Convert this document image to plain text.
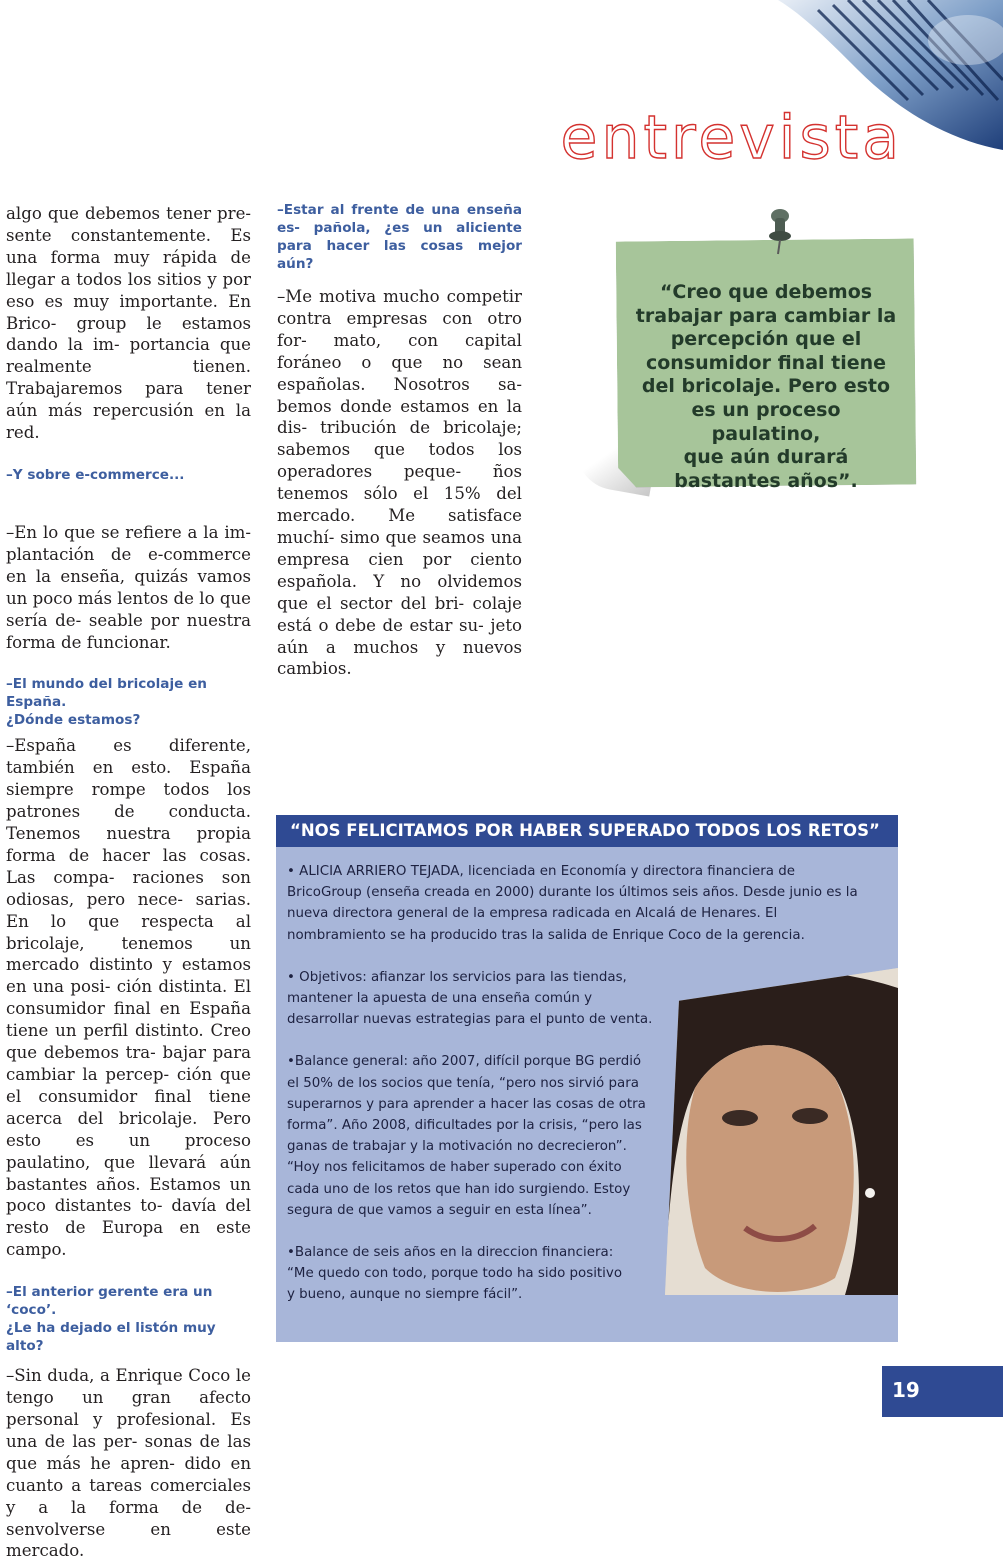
entrevista

algo que debemos tener pre- sente constantemente. Es una forma muy rápida de llegar a todos los sitios y por eso es muy importante. En Brico- group le estamos dando la im- portancia que realmente	tienen. Trabajaremos para tener aún más repercusión en la red.

–Y sobre e-commerce...

–En lo que se refiere a la im- plantación de e-commerce en la enseña, quizás vamos un poco más lentos de lo que sería de- seable por nuestra forma de funcionar.

–El mundo del bricolaje en España.
¿Dónde estamos?

–España es diferente, también en esto. España siempre rompe todos los patrones de conducta. Tenemos nuestra propia forma de hacer las cosas. Las compa- raciones son odiosas, pero nece- sarias. En lo que respecta al bricolaje, tenemos un mercado distinto y estamos en una posi- ción distinta. El consumidor final en España tiene un perfil distinto. Creo que debemos tra- bajar para cambiar la percep- ción que el consumidor final tiene acerca del bricolaje. Pero esto es un proceso paulatino, que llevará aún bastantes años. Estamos un poco distantes to- davía del resto de Europa en este campo.

–El anterior gerente era un ‘coco’.
¿Le ha dejado el listón muy alto?

–Sin duda, a Enrique Coco le tengo un gran afecto personal y profesional. Es una de las per- sonas de las que más he apren- dido en cuanto a tareas comerciales y a la forma de de- senvolverse en este mercado.

–Estar al frente de una enseña es- pañola, ¿es un aliciente para hacer las cosas mejor aún?

–Me motiva mucho competir contra empresas con otro for- mato, con capital foráneo o que no sean españolas. Nosotros sa- bemos donde estamos en la dis- tribución de bricolaje; sabemos que todos los operadores peque- ños tenemos sólo el 15% del mercado. Me satisface muchí- simo que seamos una empresa cien por ciento española. Y no olvidemos que el sector del bri- colaje está o debe de estar su- jeto aún a muchos y nuevos cambios.

“Creo que debemos
trabajar para cambiar la
percepción que el
consumidor final tiene
del bricolaje. Pero esto
es un proceso paulatino,
que aún durará
bastantes años”.
“NOS FELICITAMOS POR HABER SUPERADO TODOS LOS RETOS”

• ALICIA ARRIERO TEJADA, licenciada en Economía y directora financiera de
BricoGroup (enseña creada en 2000) durante los últimos seis años. Desde junio es la
nueva directora general de la empresa radicada en Alcalá de Henares. El
nombramiento se ha producido tras la salida de Enrique Coco de la gerencia.

• Objetivos: afianzar los servicios para las tiendas,
mantener la apuesta de una enseña común y
desarrollar nuevas estrategias para el punto de venta.

•Balance general: año 2007, difícil porque BG perdió
el 50% de los socios que tenía, “pero nos sirvió para
superarnos y para aprender a hacer las cosas de otra
forma”. Año 2008, dificultades por la crisis, “pero las
ganas de trabajar y la motivación no decrecieron”.
“Hoy nos felicitamos de haber superado con éxito
cada uno de los retos que han ido surgiendo. Estoy
segura de que vamos a seguir en esta línea”.

•Balance de seis años en la direccion financiera:
“Me quedo con todo, porque todo ha sido positivo
y bueno, aunque no siempre fácil”.

19
